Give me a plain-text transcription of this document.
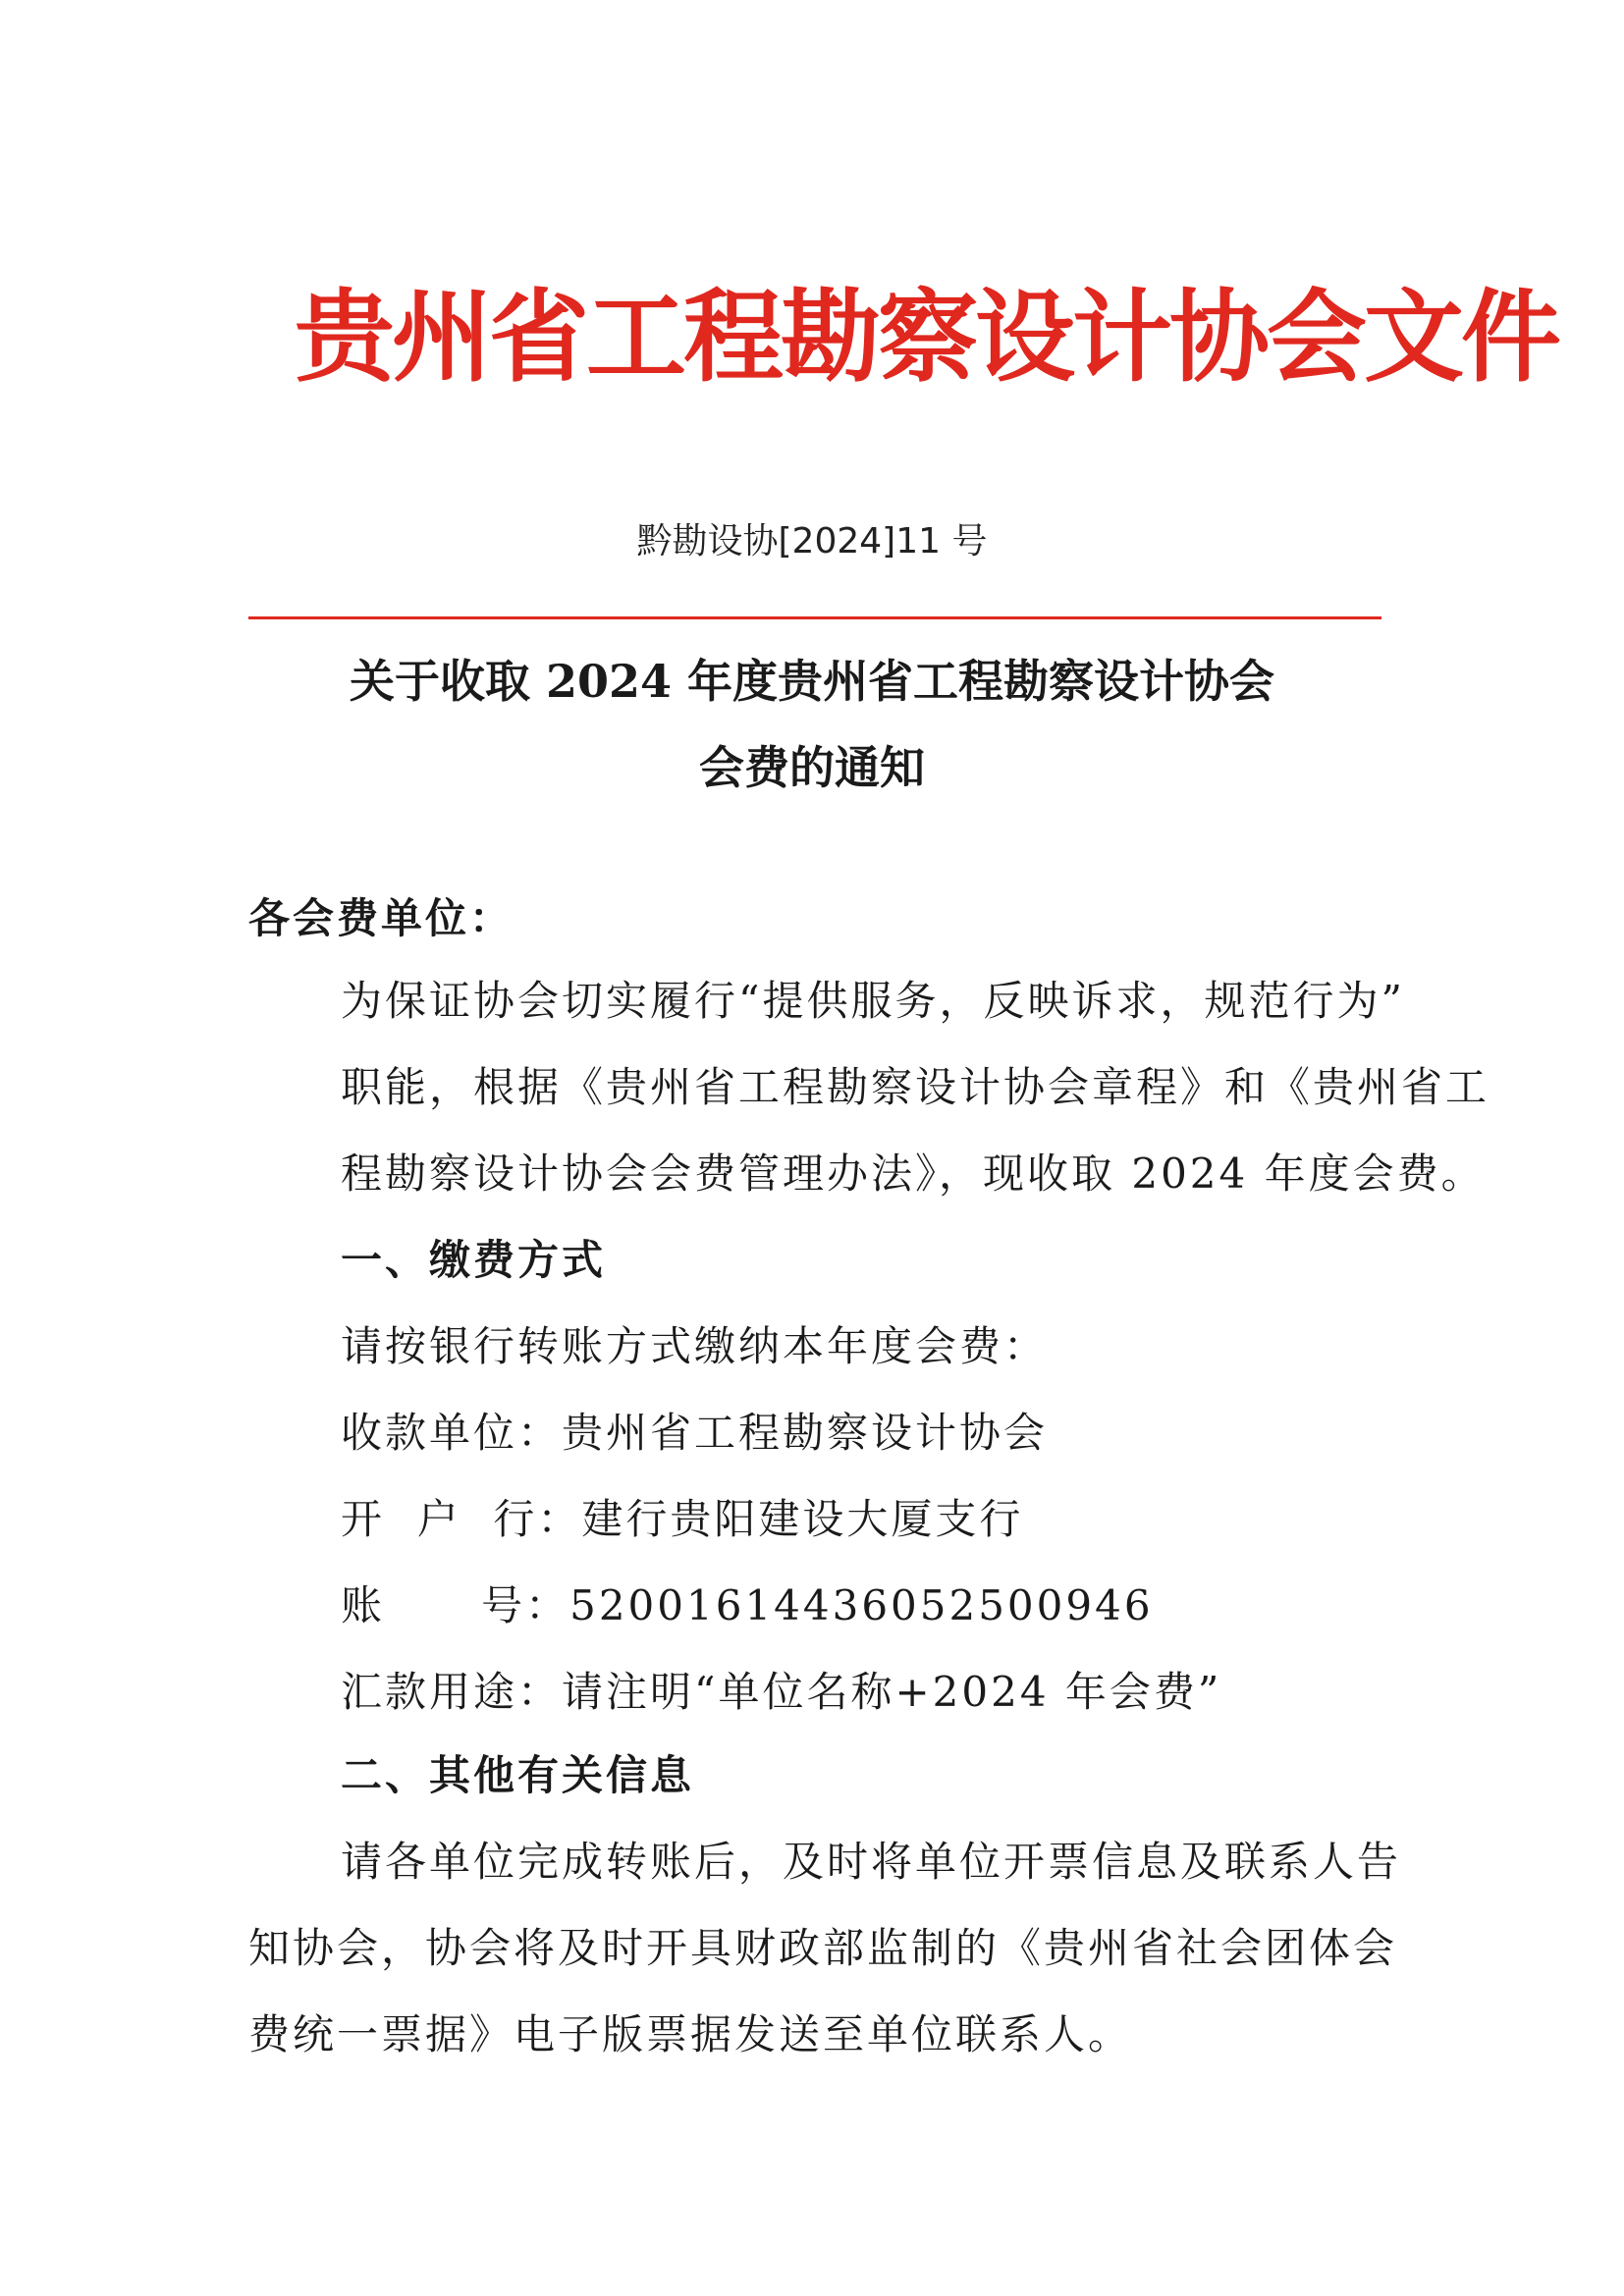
贵州省工程勘察设计协会文件
黔勘设协[2024]11 号
关于收取 2024 年度贵州省工程勘察设计协会
会费的通知
各会费单位：
为保证协会切实履行“提供服务，反映诉求，规范行为”
职能，根据《贵州省工程勘察设计协会章程》和《贵州省工
程勘察设计协会会费管理办法》，现收取 2024 年度会费。
一、缴费方式
请按银行转账方式缴纳本年度会费：
收款单位：贵州省工程勘察设计协会
开  户  行：建行贵阳建设大厦支行
账      号：52001614436052500946
汇款用途：请注明“单位名称+2024 年会费”
二、其他有关信息
请各单位完成转账后，及时将单位开票信息及联系人告
知协会，协会将及时开具财政部监制的《贵州省社会团体会
费统一票据》电子版票据发送至单位联系人。
